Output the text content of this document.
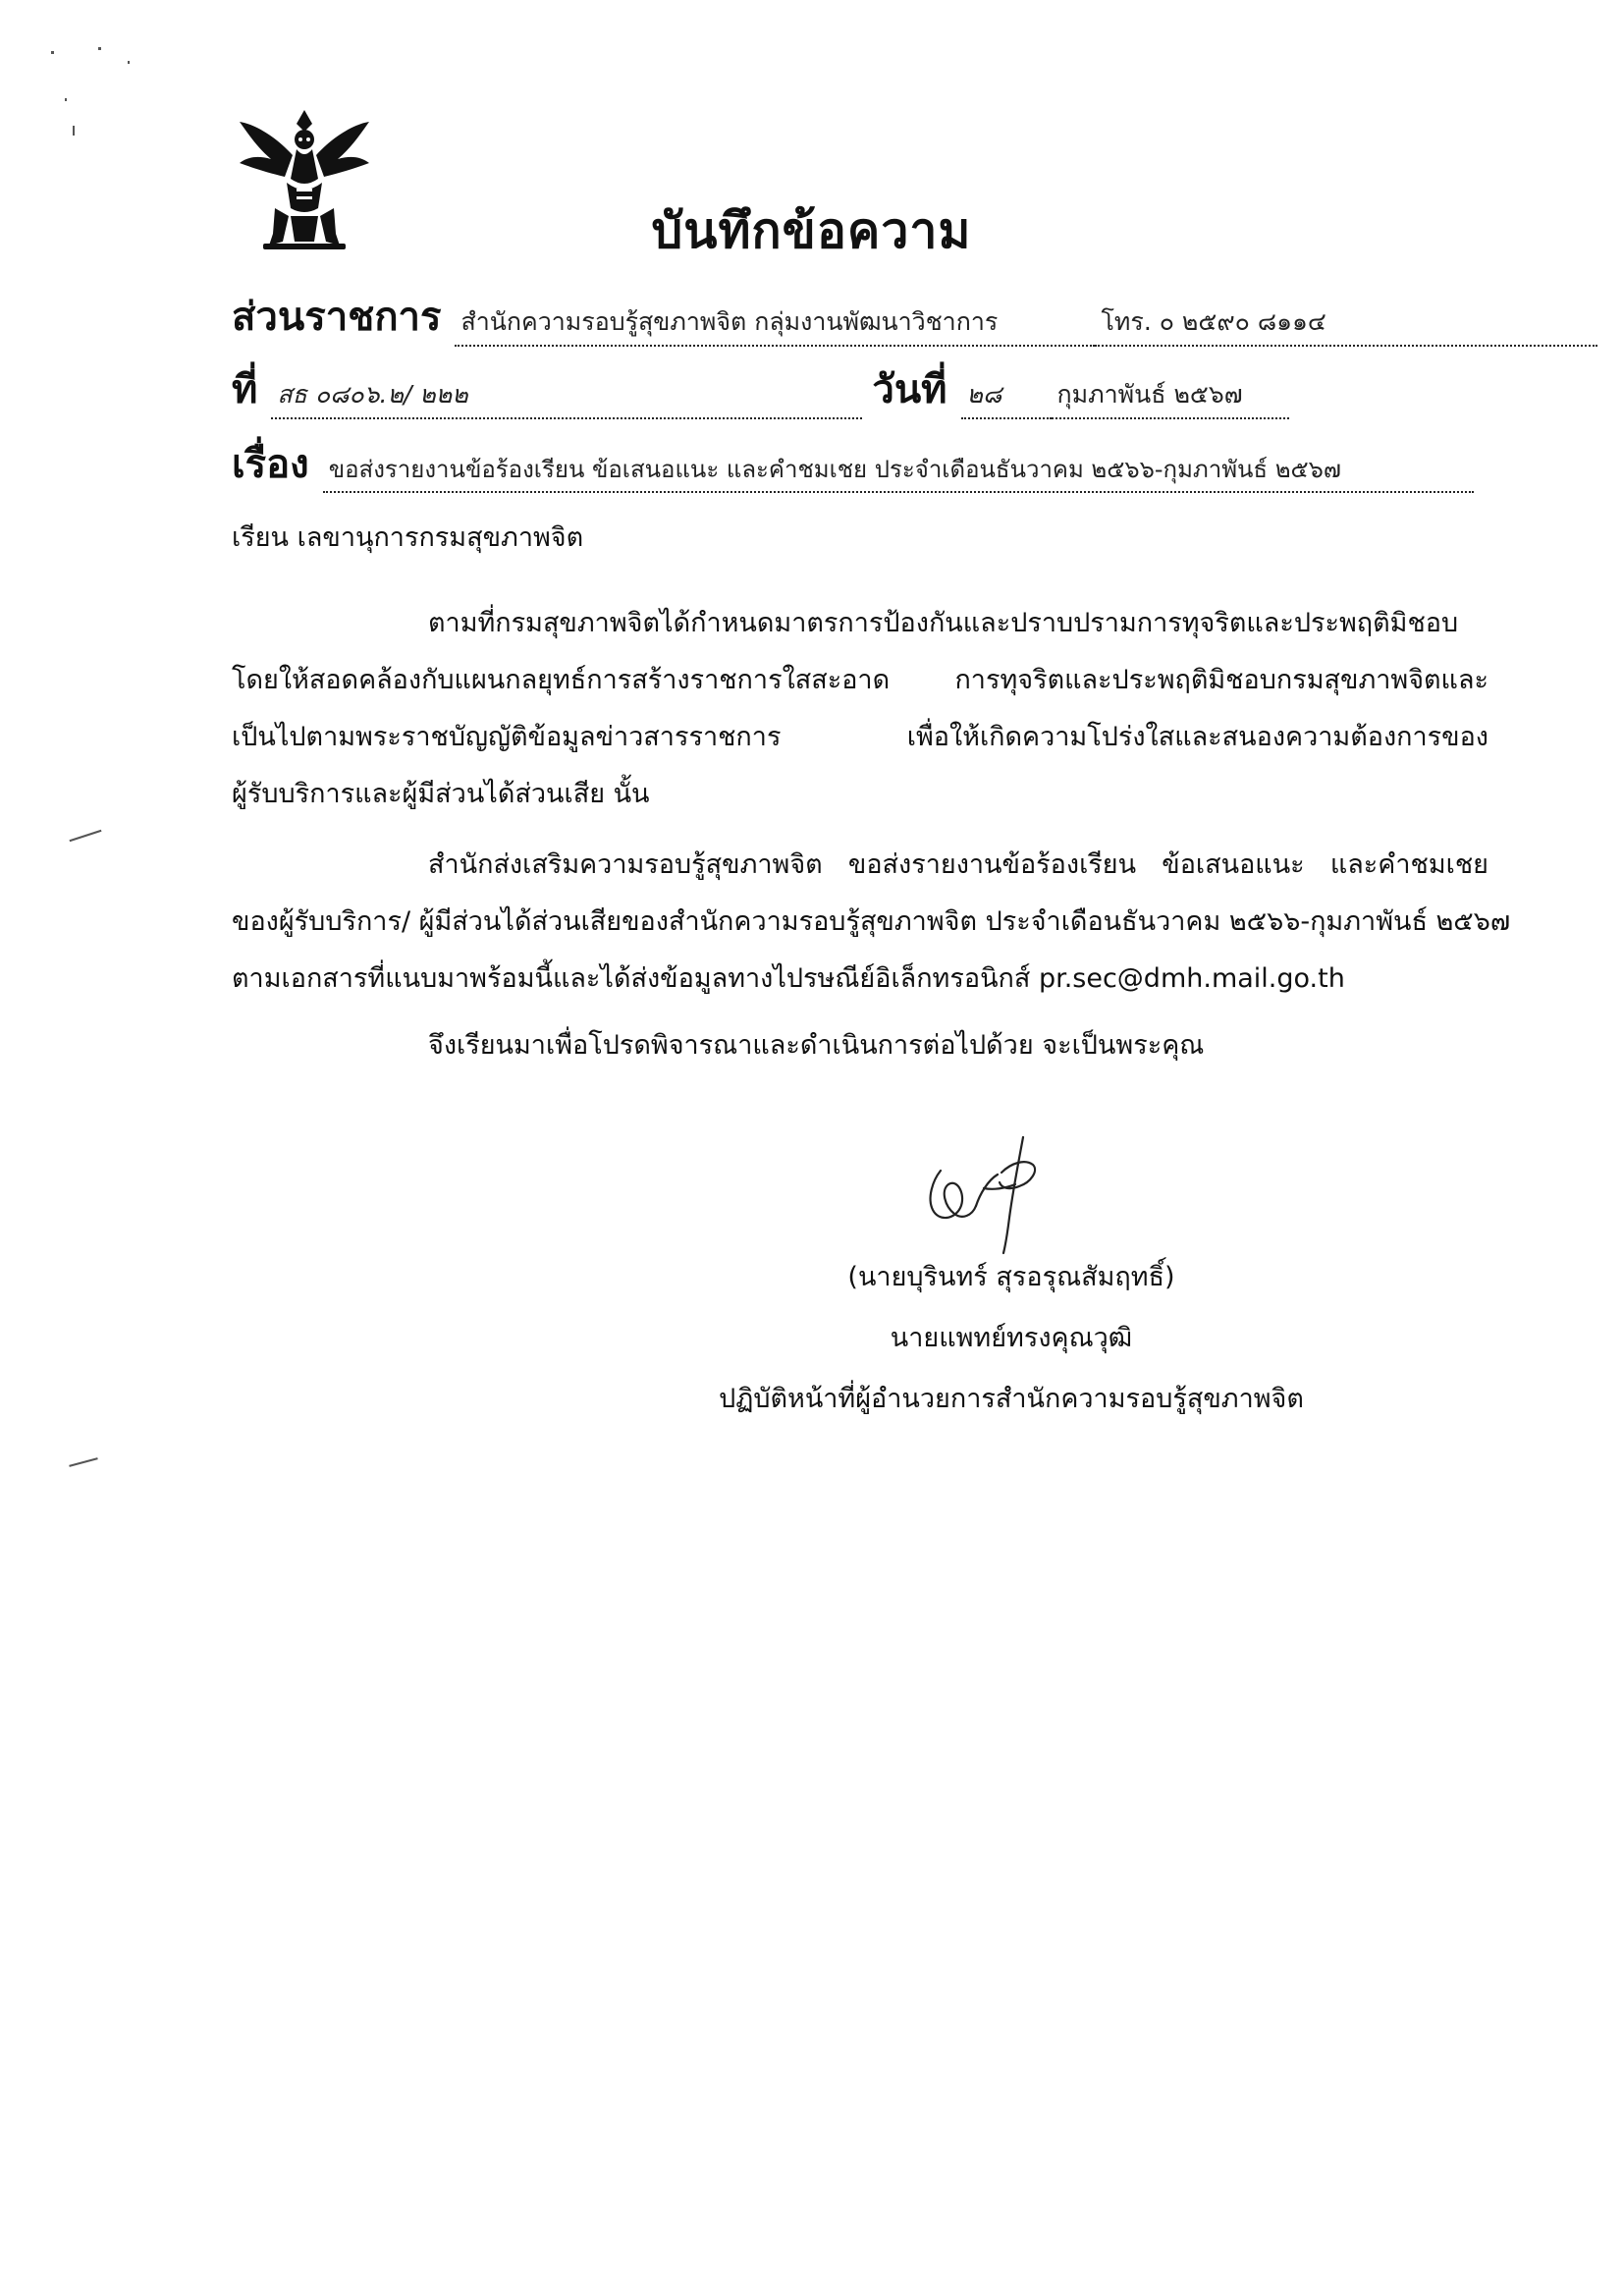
บันทึกข้อความ
ส่วนราชการ สำนักความรอบรู้สุขภาพจิต กลุ่มงานพัฒนาวิชาการ	โทร. ๐ ๒๕๙๐ ๘๑๑๔
ที่ สธ ๐๘๐๖.๒/ ๒๒๒	วันที่ ๒๘	กุมภาพันธ์ ๒๕๖๗
เรื่อง ขอส่งรายงานข้อร้องเรียน ข้อเสนอแนะ และคำชมเชย ประจำเดือนธันวาคม ๒๕๖๖-กุมภาพันธ์ ๒๕๖๗
เรียน เลขานุการกรมสุขภาพจิต
ตามที่กรมสุขภาพจิตได้กำหนดมาตรการป้องกันและปราบปรามการทุจริตและประพฤติมิชอบ
โดยให้สอดคล้องกับแผนกลยุทธ์การสร้างราชการใสสะอาด การทุจริตและประพฤติมิชอบกรมสุขภาพจิตและ
เป็นไปตามพระราชบัญญัติข้อมูลข่าวสารราชการ เพื่อให้เกิดความโปร่งใสและสนองความต้องการของ
ผู้รับบริการและผู้มีส่วนได้ส่วนเสีย นั้น
สำนักส่งเสริมความรอบรู้สุขภาพจิต ขอส่งรายงานข้อร้องเรียน ข้อเสนอแนะ และคำชมเชย
ของผู้รับบริการ/ ผู้มีส่วนได้ส่วนเสียของสำนักความรอบรู้สุขภาพจิต ประจำเดือนธันวาคม ๒๕๖๖-กุมภาพันธ์ ๒๕๖๗
ตามเอกสารที่แนบมาพร้อมนี้และได้ส่งข้อมูลทางไปรษณีย์อิเล็กทรอนิกส์ pr.sec@dmh.mail.go.th
จึงเรียนมาเพื่อโปรดพิจารณาและดำเนินการต่อไปด้วย จะเป็นพระคุณ
(นายบุรินทร์ สุรอรุณสัมฤทธิ์)
นายแพทย์ทรงคุณวุฒิ
ปฏิบัติหน้าที่ผู้อำนวยการสำนักความรอบรู้สุขภาพจิต
